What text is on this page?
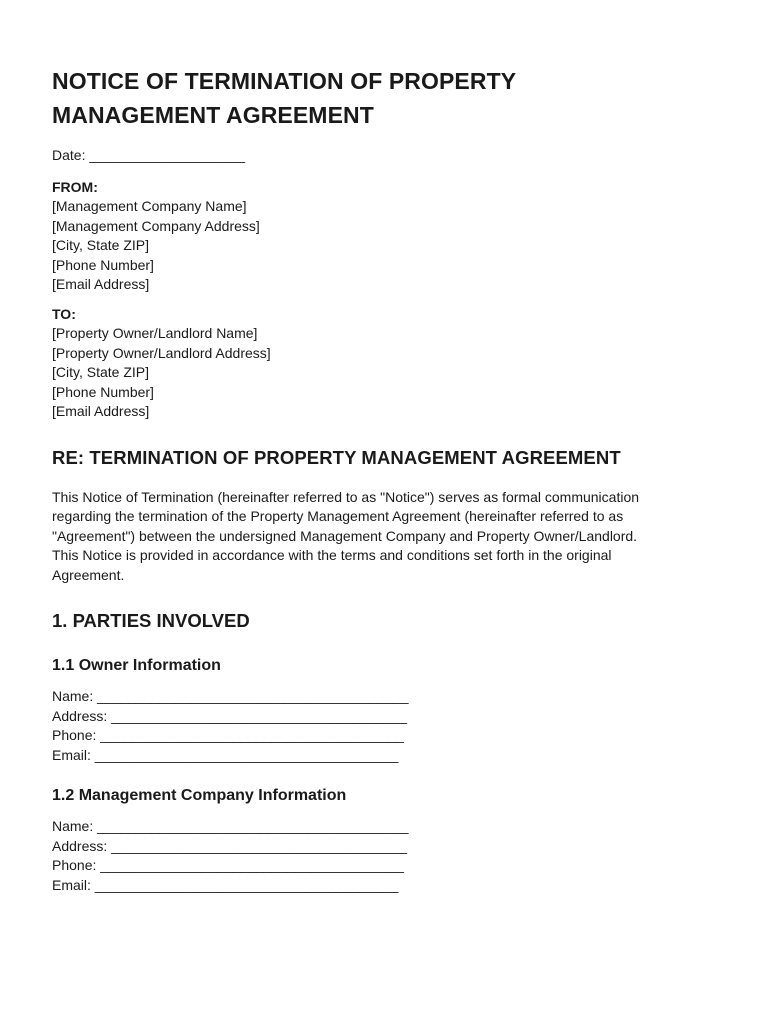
NOTICE OF TERMINATION OF PROPERTY
MANAGEMENT AGREEMENT

Date: ____________________

FROM:

[Management Company Name]

[Management Company Address]

[City, State ZIP]

[Phone Number]

[Email Address]

TO:

[Property Owner/Landlord Name]

[Property Owner/Landlord Address]

[City, State ZIP]

[Phone Number]

[Email Address]

RE: TERMINATION OF PROPERTY MANAGEMENT AGREEMENT
This Notice of Termination (hereinafter referred to as "Notice") serves as formal communication
regarding the termination of the Property Management Agreement (hereinafter referred to as
"Agreement") between the undersigned Management Company and Property Owner/Landlord.
This Notice is provided in accordance with the terms and conditions set forth in the original
Agreement.
1. PARTIES INVOLVED
1.1 Owner Information
Name: ________________________________________
Address: ______________________________________
Phone: _______________________________________
Email: _______________________________________
1.2 Management Company Information
Name: ________________________________________
Address: ______________________________________
Phone: _______________________________________
Email: _______________________________________
